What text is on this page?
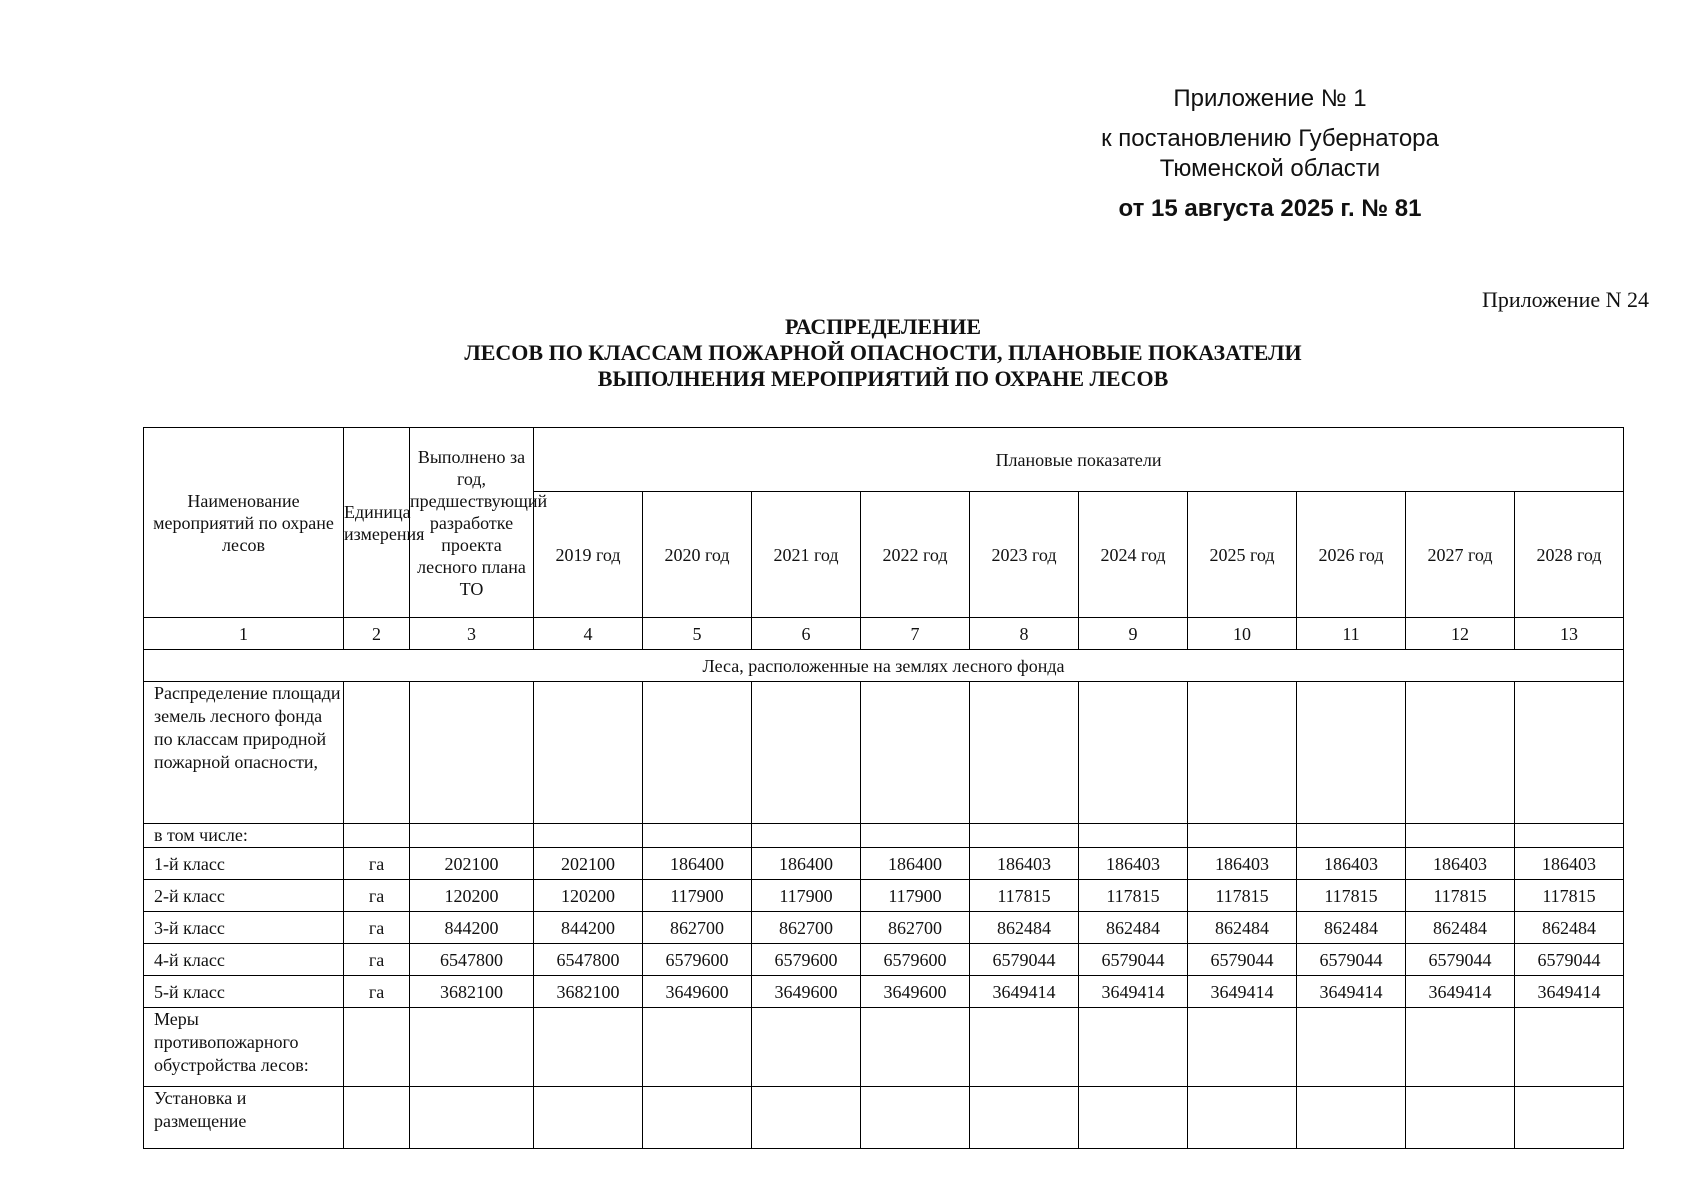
Приложение № 1
к постановлению Губернатора
Тюменской области
от 15 августа 2025 г. № 81
Приложение N 24
РАСПРЕДЕЛЕНИЕ
ЛЕСОВ ПО КЛАССАМ ПОЖАРНОЙ ОПАСНОСТИ, ПЛАНОВЫЕ ПОКАЗАТЕЛИ
ВЫПОЛНЕНИЯ МЕРОПРИЯТИЙ ПО ОХРАНЕ ЛЕСОВ
Наименование мероприятий по охране лесов	Единица измерения	Выполнено за год, предшествующий разработке проекта лесного плана ТО	Плановые показатели									
			2019 год	2020 год	2021 год	2022 год	2023 год	2024 год	2025 год	2026 год	2027 год	2028 год
1	2	3	4	5	6	7	8	9	10	11	12	13
Леса, расположенные на землях лесного фонда												
Распределение площади земель лесного фонда по классам природной пожарной опасности,												
в том числе:												
1-й класс	га	202100	202100	186400	186400	186400	186403	186403	186403	186403	186403	186403
2-й класс	га	120200	120200	117900	117900	117900	117815	117815	117815	117815	117815	117815
3-й класс	га	844200	844200	862700	862700	862700	862484	862484	862484	862484	862484	862484
4-й класс	га	6547800	6547800	6579600	6579600	6579600	6579044	6579044	6579044	6579044	6579044	6579044
5-й класс	га	3682100	3682100	3649600	3649600	3649600	3649414	3649414	3649414	3649414	3649414	3649414
Меры противопожарного обустройства лесов:												
Установка и размещение												
